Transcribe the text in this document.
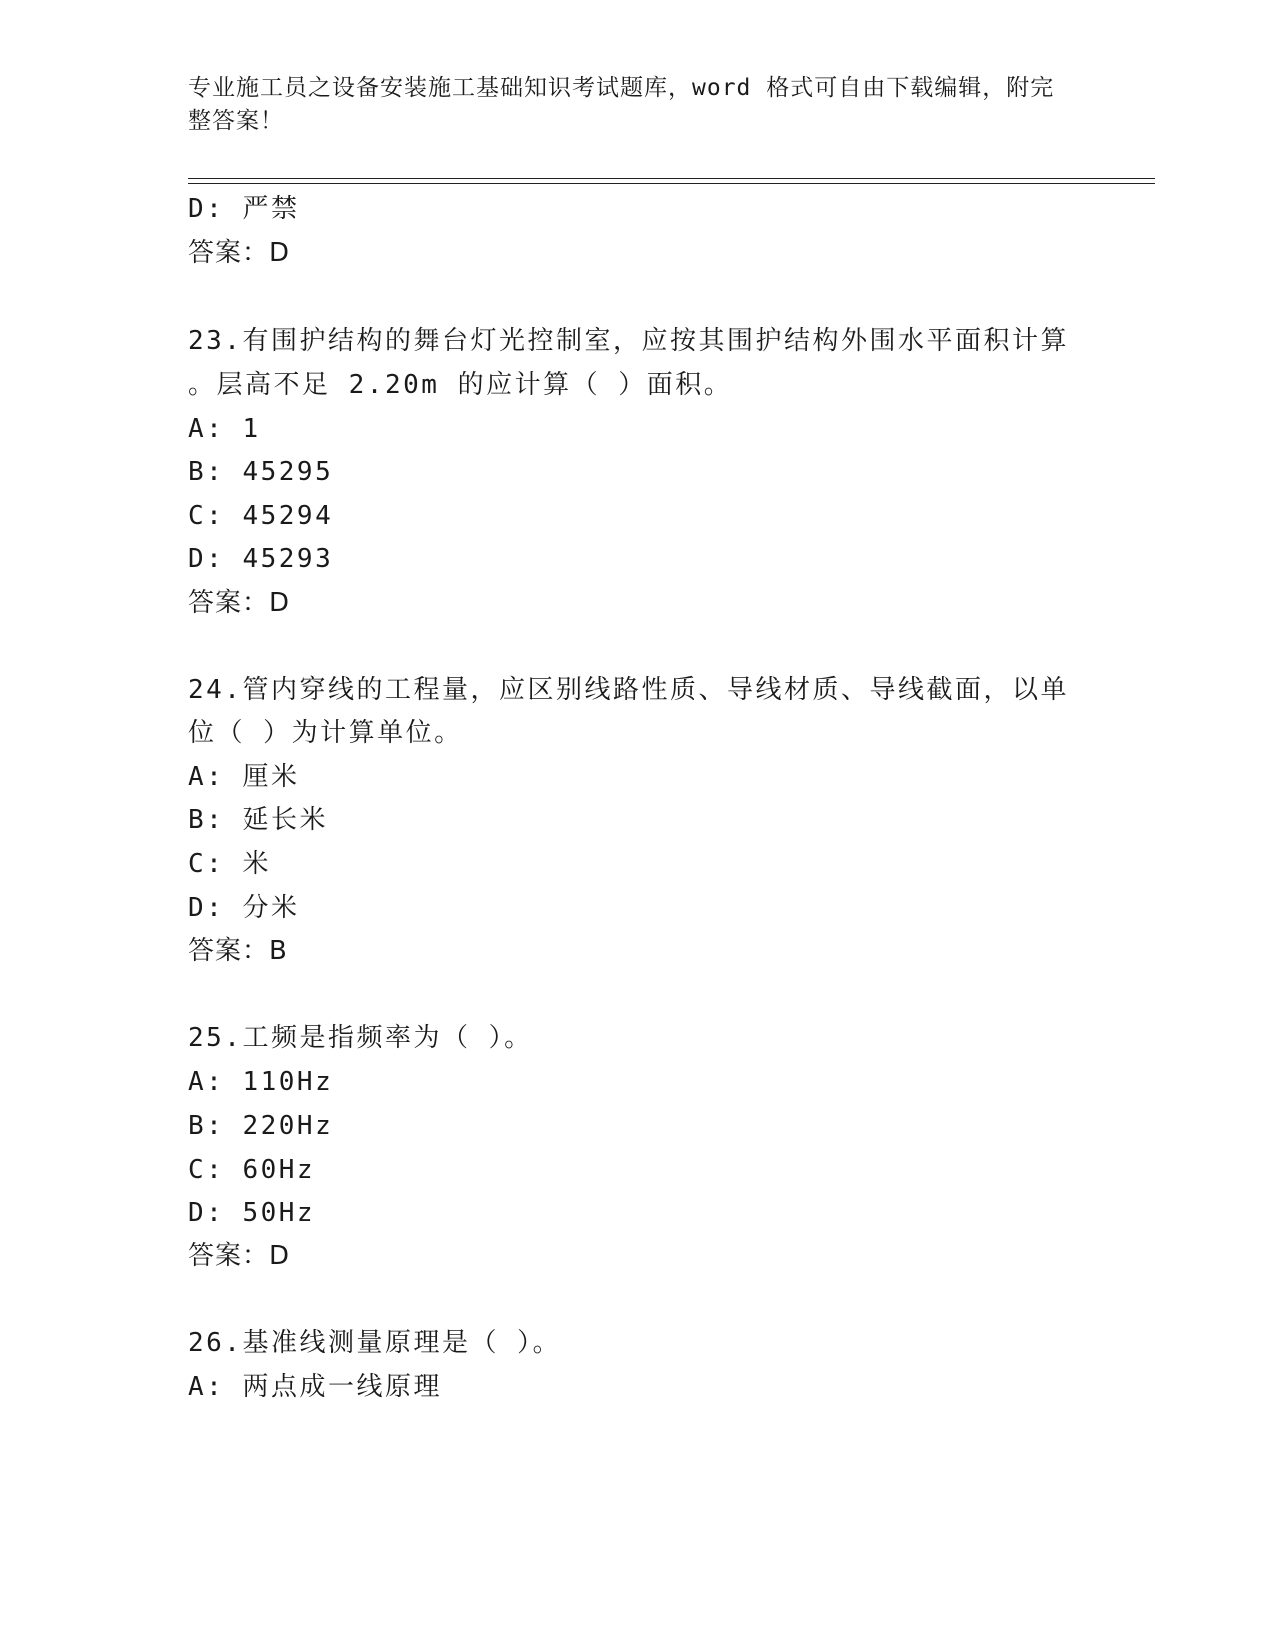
专业施工员之设备安装施工基础知识考试题库，word 格式可自由下载编辑，附完
整答案！
D: 严禁
答案：D
23.有围护结构的舞台灯光控制室，应按其围护结构外围水平面积计算
。层高不足 2.20m 的应计算（ ）面积。
A: 1
B: 45295
C: 45294
D: 45293
答案：D
24.管内穿线的工程量，应区别线路性质、导线材质、导线截面，以单
位（ ）为计算单位。
A: 厘米
B: 延长米
C: 米
D: 分米
答案：B
25.工频是指频率为（ ）。
A: 110Hz
B: 220Hz
C: 60Hz
D: 50Hz
答案：D
26.基准线测量原理是（ ）。
A: 两点成一线原理
